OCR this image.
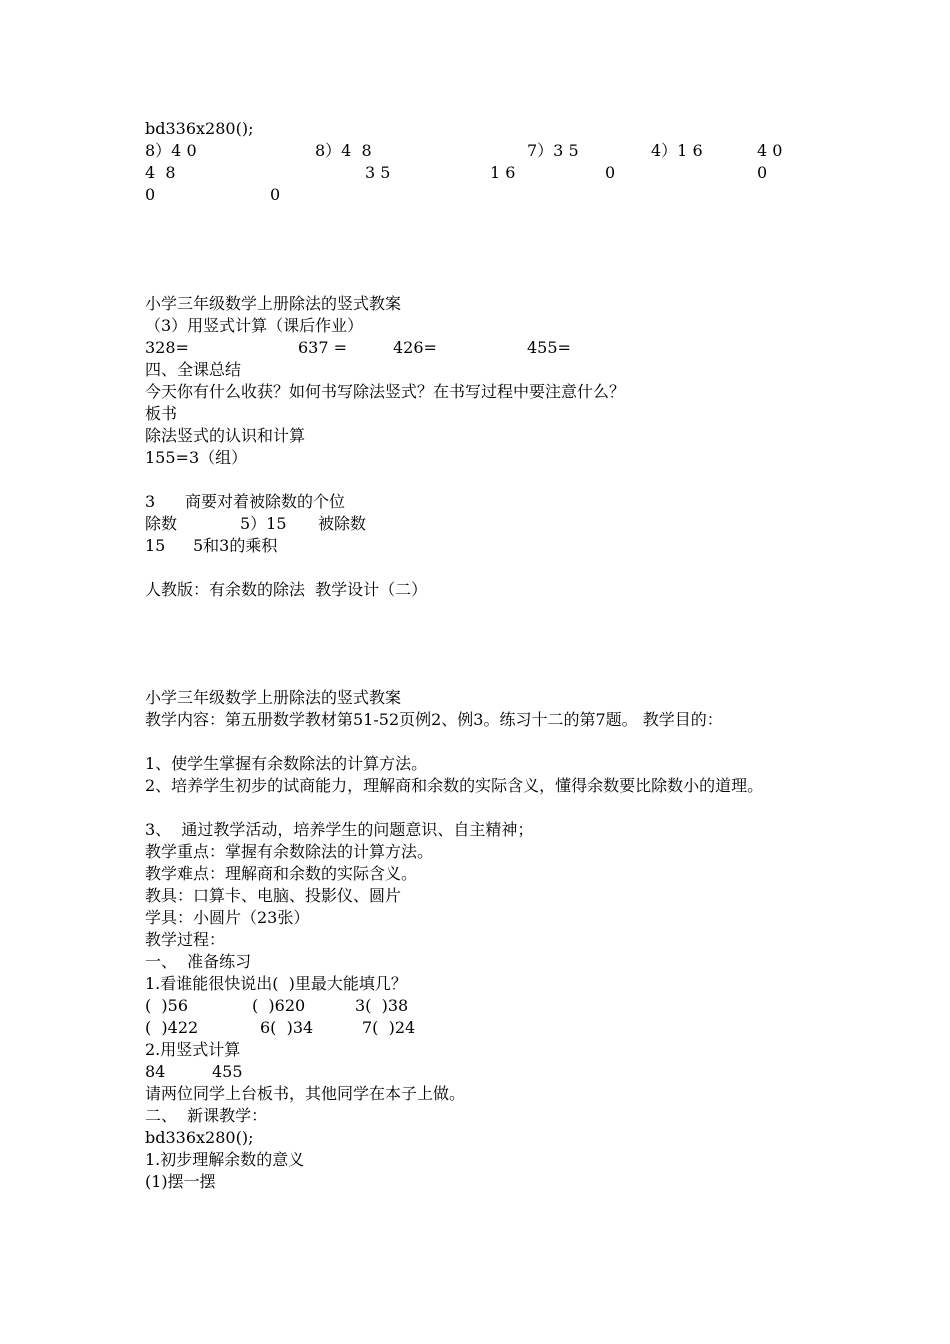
bd336x280();
8）4 0	8）4  8	7）3 5	4）1 6	4 0
4  8	3 5	1 6	0	0
0	0
小学三年级数学上册除法的竖式教案
（3）用竖式计算（课后作业）
328=	637 =	426=	455=
四、全课总结
今天你有什么收获？如何书写除法竖式？在书写过程中要注意什么？
板书
除法竖式的认识和计算
155=3（组）
3 商要对着被除数的个位
除数	5）15 被除数
15 5和3的乘积
人教版：有余数的除法  教学设计（二）
小学三年级数学上册除法的竖式教案
教学内容：第五册数学教材第51-52页例2、例3。练习十二的第7题。 教学目的：
1、使学生掌握有余数除法的计算方法。
2、培养学生初步的试商能力，理解商和余数的实际含义，懂得余数要比除数小的道理。
3、  通过教学活动，培养学生的问题意识、自主精神；
教学重点：掌握有余数除法的计算方法。
教学难点：理解商和余数的实际含义。
教具：口算卡、电脑、投影仪、圆片
学具：小圆片（23张）
教学过程：
一、  准备练习
1.看谁能很快说出(  )里最大能填几？
(  )56	(  )620	3(  )38
(  )422	6(  )34	7(  )24
2.用竖式计算
84	455
请两位同学上台板书，其他同学在本子上做。
二、  新课教学：
bd336x280();
1.初步理解余数的意义
(1)摆一摆
